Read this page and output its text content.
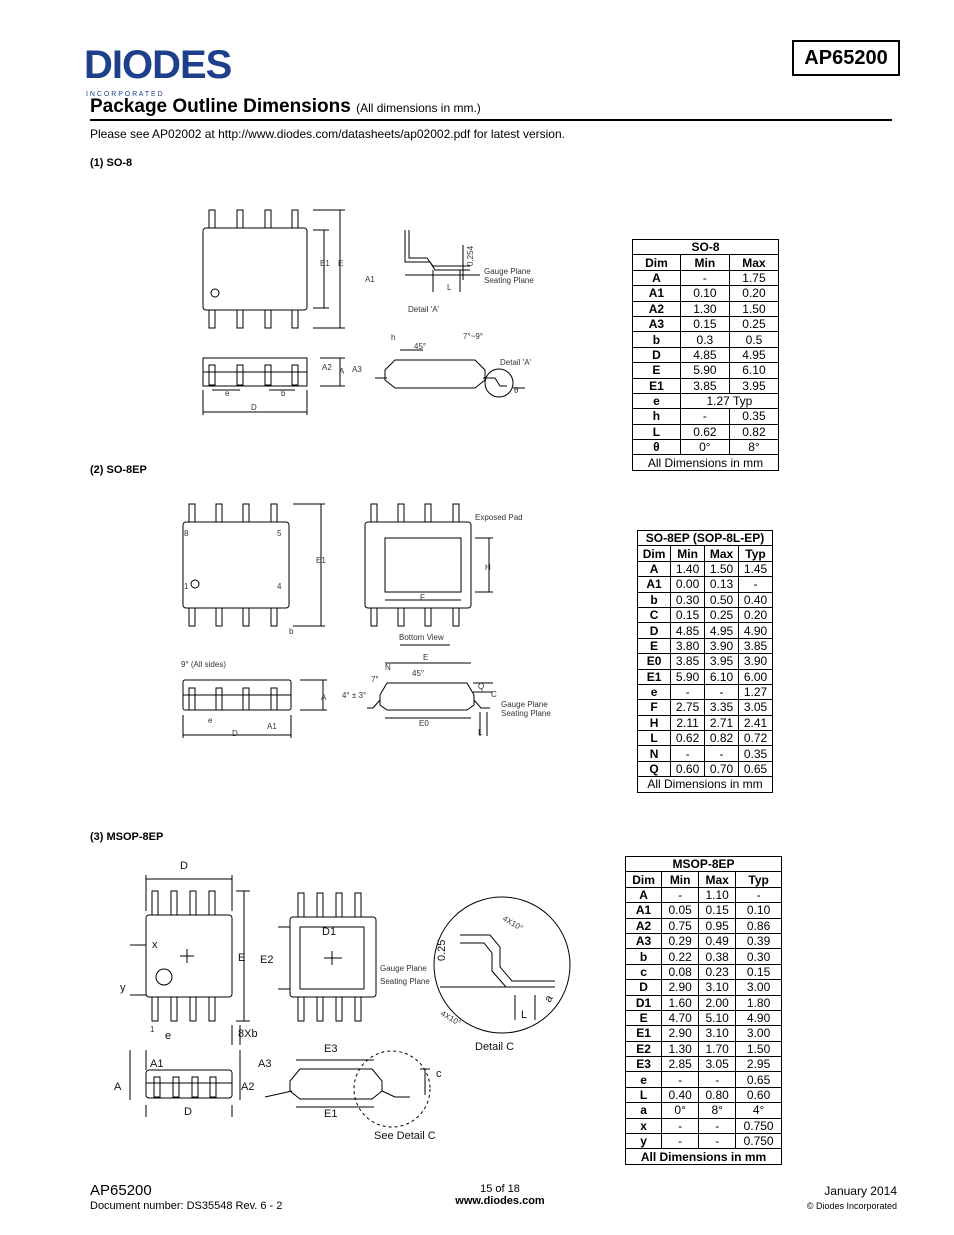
DIODES
I N C O R P O R A T E D
AP65200
Package Outline Dimensions (All dimensions in mm.)
Please see AP02002 at http://www.diodes.com/datasheets/ap02002.pdf for latest version.
(1) SO-8
(2) SO-8EP
(3) MSOP-8EP
E1 E
A1
L
0.254
Gauge Plane
Seating Plane
Detail 'A'
h
45°
7°~9°
Detail 'A'
A2 A A3
e	b
D
θ
8	5
1	4
E1
b
Exposed Pad
H
F
Bottom View
9° (All sides)
A
e
A1
D
E
N
7°
45°
4° ± 3°
Q
C
Gauge Plane
Seating Plane
E0
L
D
x
E
y
1
e	8Xb
D1
E2	0.25
Gauge Plane
Seating Plane
4X10°
4X10°
a
L
Detail C
A1
A	A2
D
A3
E3
E1
c
See Detail C
SO-8		
Dim	Min	Max
A	-	1.75
A1	0.10	0.20
A2	1.30	1.50
A3	0.15	0.25
b	0.3	0.5
D	4.85	4.95
E	5.90	6.10
E1	3.85	3.95
e	1.27 Typ	
h	-	0.35
L	0.62	0.82
θ	0°	8°
All Dimensions in mm		
SO-8EP (SOP-8L-EP)			
Dim	Min	Max	Typ
A	1.40	1.50	1.45
A1	0.00	0.13	-
b	0.30	0.50	0.40
C	0.15	0.25	0.20
D	4.85	4.95	4.90
E	3.80	3.90	3.85
E0	3.85	3.95	3.90
E1	5.90	6.10	6.00
e	-	-	1.27
F	2.75	3.35	3.05
H	2.11	2.71	2.41
L	0.62	0.82	0.72
N	-	-	0.35
Q	0.60	0.70	0.65
All Dimensions in mm			
MSOP-8EP			
Dim	Min	Max	Typ
A	-	1.10	-
A1	0.05	0.15	0.10
A2	0.75	0.95	0.86
A3	0.29	0.49	0.39
b	0.22	0.38	0.30
c	0.08	0.23	0.15
D	2.90	3.10	3.00
D1	1.60	2.00	1.80
E	4.70	5.10	4.90
E1	2.90	3.10	3.00
E2	1.30	1.70	1.50
E3	2.85	3.05	2.95
e	-	-	0.65
L	0.40	0.80	0.60
a	0°	8°	4°
x	-	-	0.750
y	-	-	0.750
All Dimensions in mm			
AP65200
Document number: DS35548 Rev. 6 - 2
15 of 18
www.diodes.com
January 2014
© Diodes Incorporated
